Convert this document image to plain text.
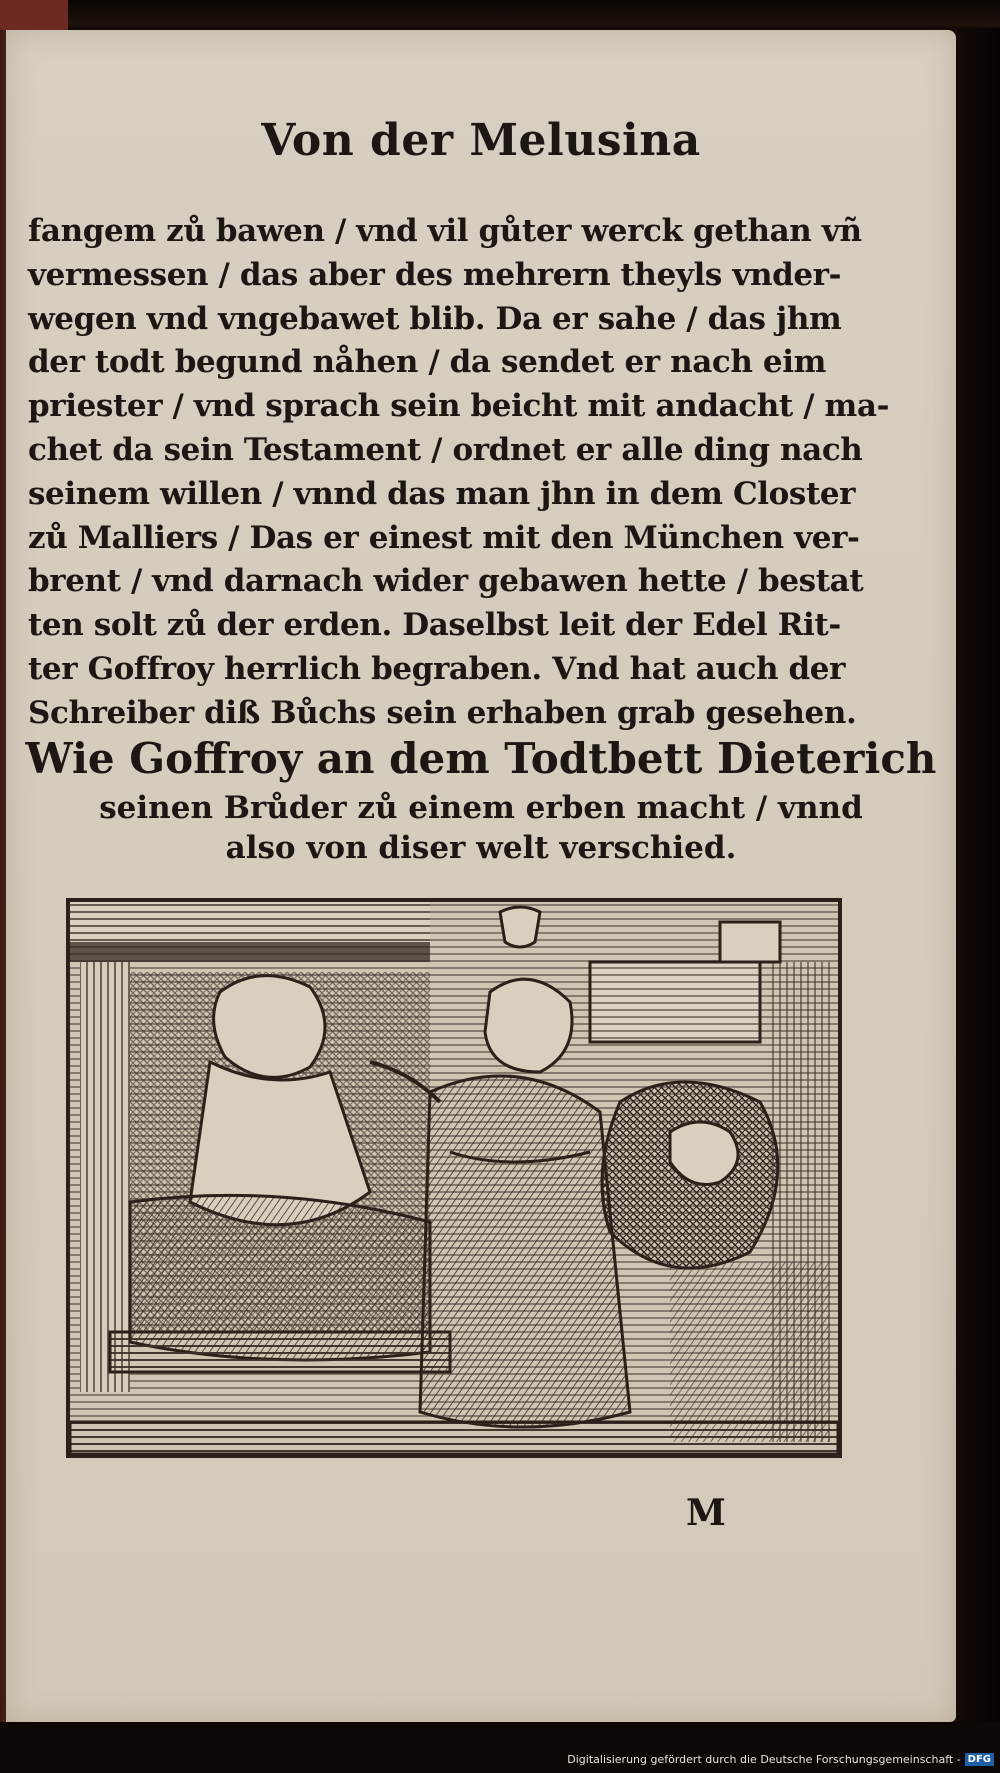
Von der Melusina
fangem zů bawen / vnd vil gůter werck gethan vñ
vermessen / das aber des mehrern theyls vnder-
wegen vnd vngebawet blib. Da er sahe / das jhm
der todt begund nåhen / da sendet er nach eim
priester / vnd sprach sein beicht mit andacht / ma-
chet da sein Testament / ordnet er alle ding nach
seinem willen / vnnd das man jhn in dem Closter
zů Malliers / Das er einest mit den München ver-
brent / vnd darnach wider gebawen hette / bestat
ten solt zů der erden. Daselbst leit der Edel Rit-
ter Goffroy herrlich begraben. Vnd hat auch der
Schreiber diß Bůchs sein erhaben grab gesehen.
Wie Goffroy an dem Todtbett Dieterich
seinen Brůder zů einem erben macht / vnnd
also von diser welt verschied.
M
Digitalisierung gefördert durch die Deutsche Forschungsgemeinschaft - DFG
